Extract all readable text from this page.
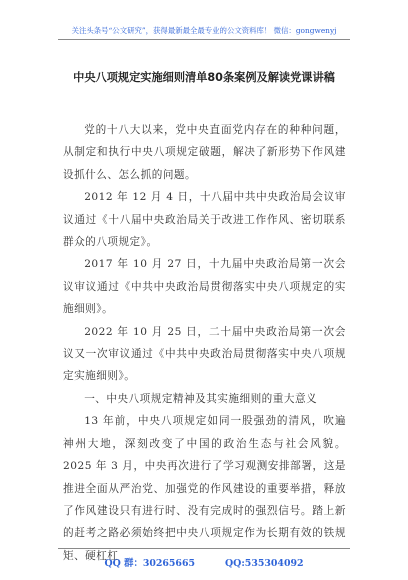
关注头条号“公文研究”，获得最新最全最专业的公文资料库！ 微信：gongwenyj
中央八项规定实施细则清单80条案例及解读党课讲稿

党的十八大以来，党中央直面党内存在的种种问题，从制定和执行中央八项规定破题，解决了新形势下作风建设抓什么、怎么抓的问题。

2012 年 12 月 4 日，十八届中共中央政治局会议审议通过《十八届中央政治局关于改进工作作风、密切联系群众的八项规定》。

2017 年 10 月 27 日，十九届中央政治局第一次会议审议通过《中共中央政治局贯彻落实中央八项规定的实施细则》。

2022 年 10 月 25 日，二十届中央政治局第一次会议又一次审议通过《中共中央政治局贯彻落实中央八项规定实施细则》。

一、中央八项规定精神及其实施细则的重大意义

13 年前，中央八项规定如同一股强劲的清风，吹遍神州大地，深刻改变了中国的政治生态与社会风貌。2025 年 3 月，中央再次进行了学习观测安排部署，这是推进全面从严治党、加强党的作风建设的重要举措，释放了作风建设只有进行时、没有完成时的强烈信号。踏上新的赶考之路必须始终把中央八项规定作为长期有效的铁规矩、硬杠杠

QQ 群：30265665	QQ:535304092
